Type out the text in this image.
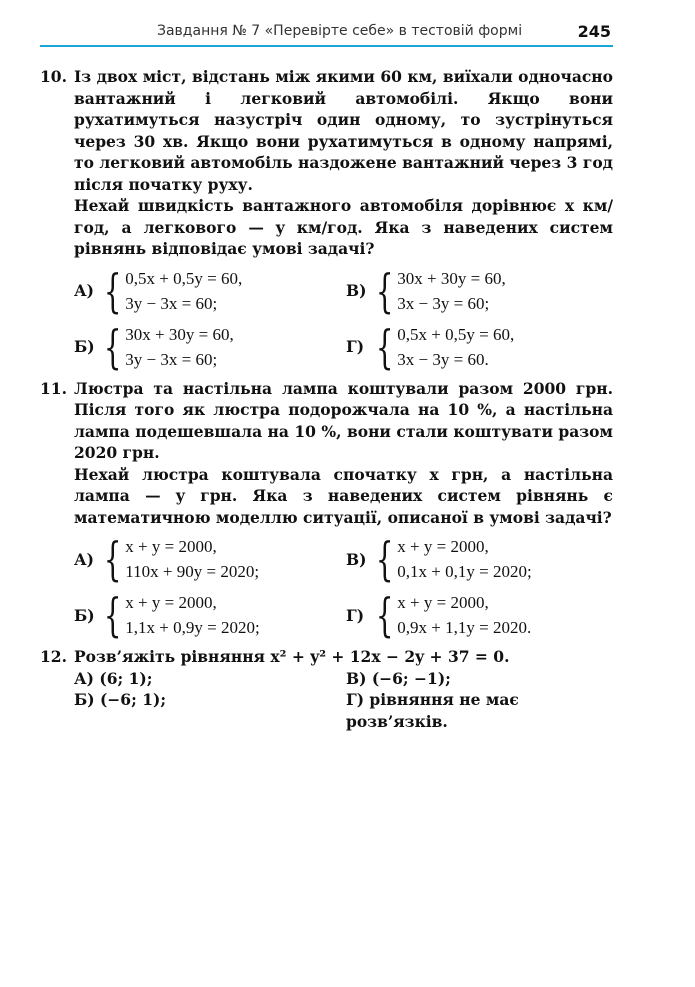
Завдання № 7 «Перевірте себе» в тестовій формі	245

10. Із двох міст, відстань між якими 60 км, виїхали одночасно вантажний і легковий автомобілі. Якщо вони рухатимуться назустріч один одному, то зустрінуться через 30 хв. Якщо вони рухатимуться в одному напрямі, то легковий автомобіль наздожене вантажний через 3 год після початку руху.

Нехай швидкість вантажного автомобіля дорівнює x км/год, а легкового — y км/год. Яка з наведених систем рівнянь відповідає умові задачі?

А) { 0,5x + 0,5y = 60,
3y − 3x = 60;
В) { 30x + 30y = 60,
3x − 3y = 60;
Б) { 30x + 30y = 60,
3y − 3x = 60;
Г) { 0,5x + 0,5y = 60,
3x − 3y = 60.

11. Люстра та настільна лампа коштували разом 2000 грн. Після того як люстра подорожчала на 10 %, а настільна лампа подешевшала на 10 %, вони стали коштувати разом 2020 грн.

Нехай люстра коштувала спочатку x грн, а настільна лампа — y грн. Яка з наведених систем рівнянь є математичною моделлю ситуації, описаної в умові задачі?

А) { x + y = 2000,
110x + 90y = 2020;
В) { x + y = 2000,
0,1x + 0,1y = 2020;
Б) { x + y = 2000,
1,1x + 0,9y = 2020;
Г) { x + y = 2000,
0,9x + 1,1y = 2020.

12. Розв’яжіть рівняння x² + y² + 12x − 2y + 37 = 0.

А) (6; 1);	В) (−6; −1);
Б) (−6; 1);	Г) рівняння не має розв’язків.
